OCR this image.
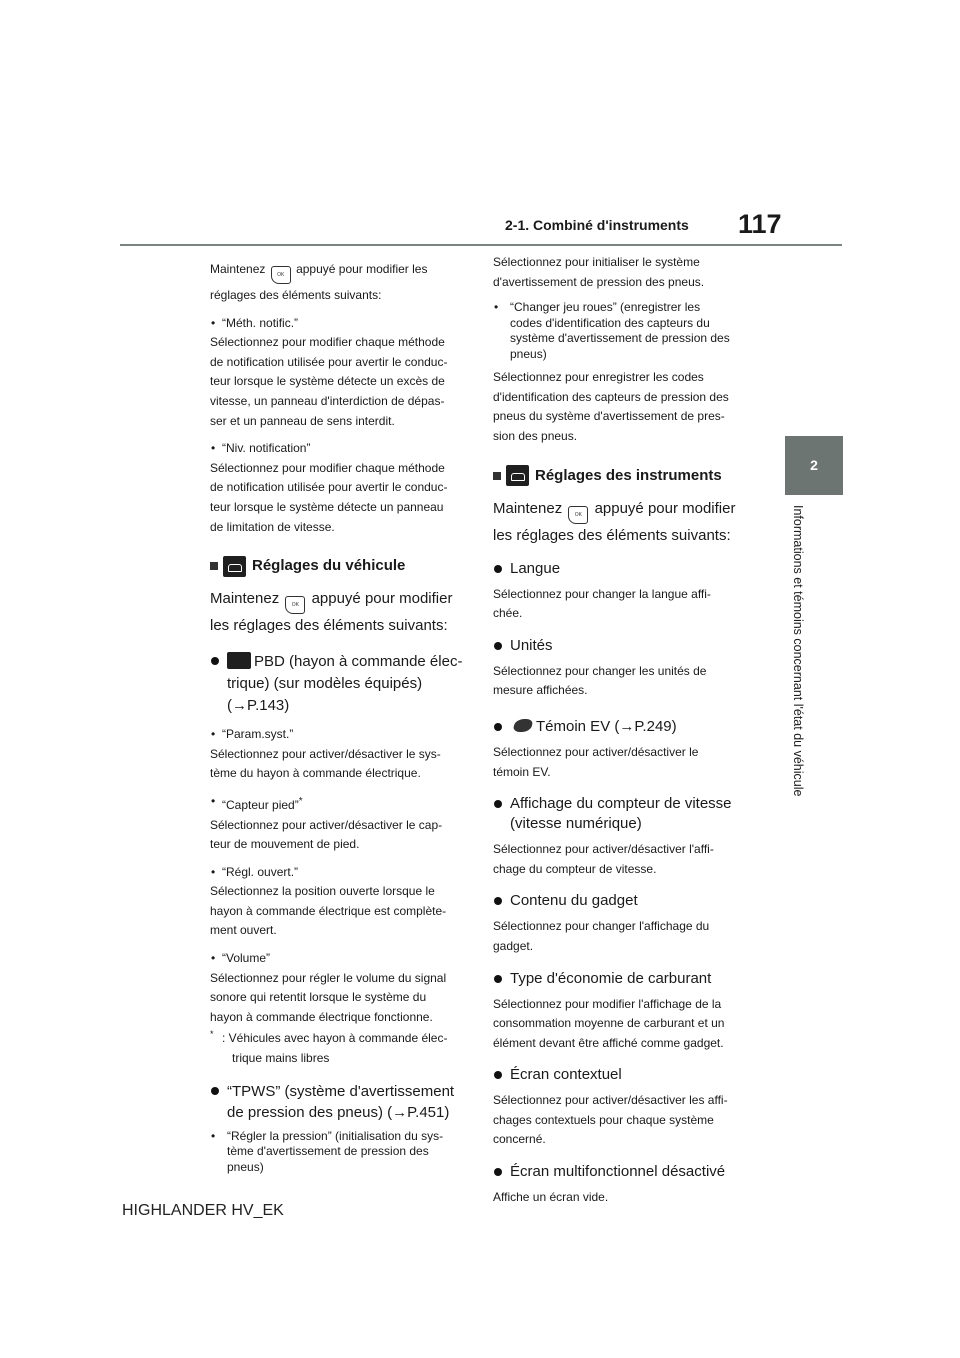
2-1. Combiné d'instruments 117
2
Informations et témoins concernant l'état du véhicule

Maintenez OK appuyé pour modifier les

réglages des éléments suivants:

• “Méth. notific.”

Sélectionnez pour modifier chaque méthode
de notification utilisée pour avertir le conduc-
teur lorsque le système détecte un excès de
vitesse, un panneau d'interdiction de dépas-
ser et un panneau de sens interdit.

• “Niv. notification”

Sélectionnez pour modifier chaque méthode
de notification utilisée pour avertir le conduc-
teur lorsque le système détecte un panneau
de limitation de vitesse.

Réglages du véhicule
Maintenez	OK appuyé pour modifier
les réglages des éléments suivants:
PBD (hayon à commande élec-
trique) (sur modèles équipés)
(→P.143)
• “Param.syst.”

Sélectionnez pour activer/désactiver le sys-
tème du hayon à commande électrique.

• “Capteur pied”*

Sélectionnez pour activer/désactiver le cap-
teur de mouvement de pied.

• “Régl. ouvert.”

Sélectionnez la position ouverte lorsque le
hayon à commande électrique est complète-
ment ouvert.

• “Volume”

Sélectionnez pour régler le volume du signal
sonore qui retentit lorsque le système du
hayon à commande électrique fonctionne.

* : Véhicules avec hayon à commande élec-
trique mains libres
“TPWS” (système d'avertissement
de pression des pneus) (→P.451)
• “Régler la pression” (initialisation du sys-
tème d'avertissement de pression des
pneus)

Sélectionnez pour initialiser le système
d'avertissement de pression des pneus.

• “Changer jeu roues” (enregistrer les
codes d'identification des capteurs du
système d'avertissement de pression des
pneus)

Sélectionnez pour enregistrer les codes
d'identification des capteurs de pression des
pneus du système d'avertissement de pres-
sion des pneus.

Réglages des instruments
Maintenez	OK appuyé pour modifier
les réglages des éléments suivants:
Langue

Sélectionnez pour changer la langue affi-
chée.

Unités

Sélectionnez pour changer les unités de
mesure affichées.

Témoin EV (→P.249)

Sélectionnez pour activer/désactiver le
témoin EV.

Affichage du compteur de vitesse
(vitesse numérique)

Sélectionnez pour activer/désactiver l'affi-
chage du compteur de vitesse.

Contenu du gadget

Sélectionnez pour changer l'affichage du
gadget.

Type d'économie de carburant

Sélectionnez pour modifier l'affichage de la
consommation moyenne de carburant et un
élément devant être affiché comme gadget.

Écran contextuel

Sélectionnez pour activer/désactiver les affi-
chages contextuels pour chaque système
concerné.

Écran multifonctionnel désactivé

Affiche un écran vide.

HIGHLANDER HV_EK
